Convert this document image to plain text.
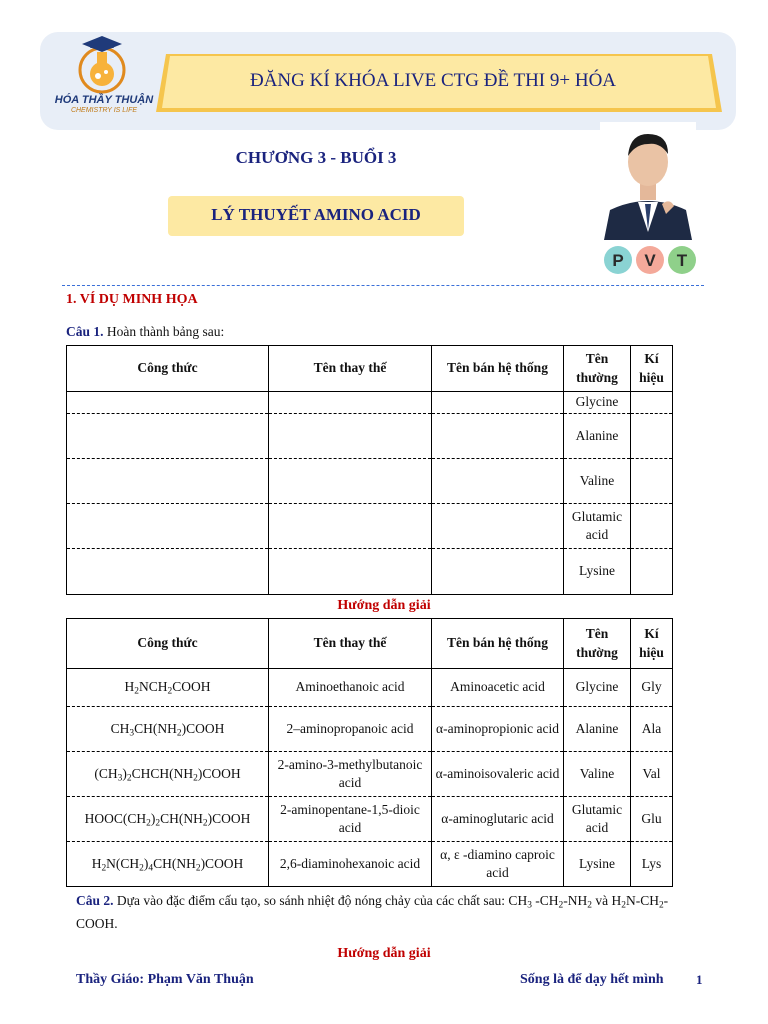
HÓA THẦY THUẬN
CHEMISTRY IS LIFE
ĐĂNG KÍ KHÓA LIVE CTG ĐỀ THI 9+ HÓA
CHƯƠNG 3 - BUỔI 3
LÝ THUYẾT AMINO ACID
P V T
1. VÍ DỤ MINH HỌA
Câu 1. Hoàn thành bảng sau:
Công thức	Tên thay thế	Tên bán hệ thống	Tên thường	Kí hiệu
			Glycine	
			Alanine	
			Valine	
			Glutamic acid	
			Lysine	
Hướng dẫn giải
Công thức	Tên thay thế	Tên bán hệ thống	Tên thường	Kí hiệu
$H_2NCH_2COOH$	Aminoethanoic acid	Aminoacetic acid	Glycine	Gly
$CH_3CH(NH_2)COOH$	2–aminopropanoic acid	α-aminopropionic acid	Alanine	Ala
$(CH_3)_2CHCH(NH_2)COOH$	2-amino-3-methylbutanoic acid	α-aminoisovaleric acid	Valine	Val
$HOOC(CH_2)_2CH(NH_2)COOH$	2-aminopentane-1,5-dioic acid	α-aminoglutaric acid	Glutamic acid	Glu
$H_2N(CH_2)_4CH(NH_2)COOH$	2,6-diaminohexanoic acid	α, ε -diamino caproic acid	Lysine	Lys
Câu 2. Dựa vào đặc điểm cấu tạo, so sánh nhiệt độ nóng chảy của các chất sau: $CH_3$ $-CH_2-NH_2$ và $H_2N-CH_2$-COOH.
Hướng dẫn giải
Thầy Giáo: Phạm Văn Thuận	Sống là để dạy hết mình 1
